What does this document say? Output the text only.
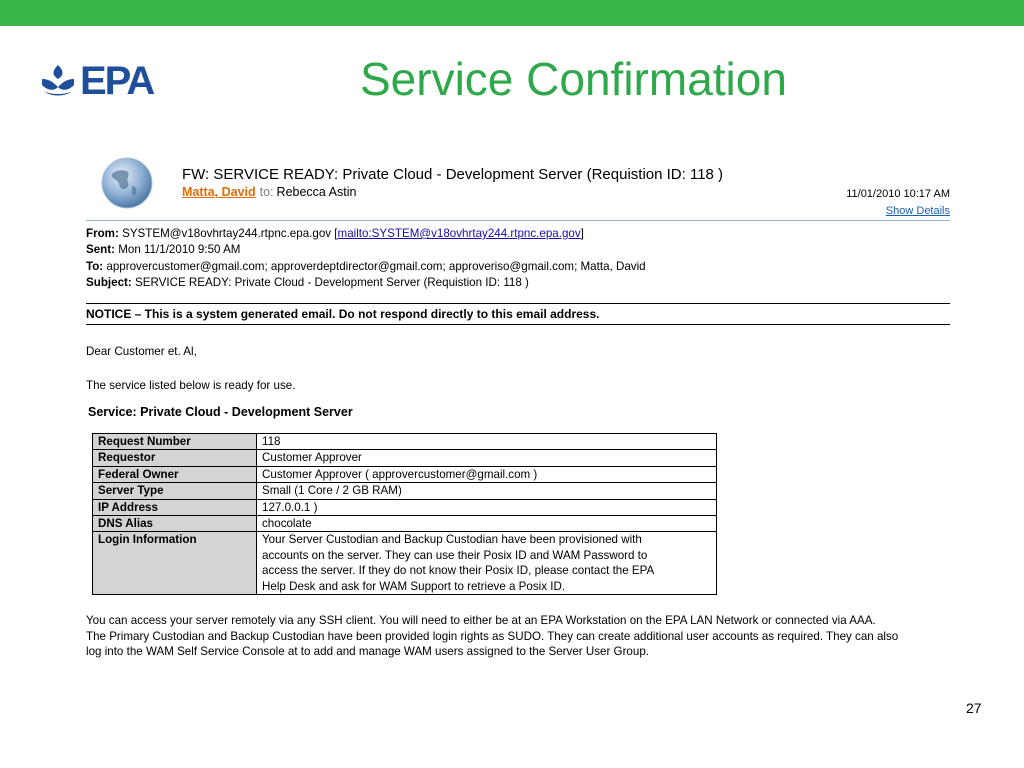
EPA	Service Confirmation
FW: SERVICE READY: Private Cloud - Development Server (Requistion ID: 118 )
Matta, David to: Rebecca Astin	11/01/2010 10:17 AM
Show Details
From: SYSTEM@v18ovhrtay244.rtpnc.epa.gov [mailto:SYSTEM@v18ovhrtay244.rtpnc.epa.gov]
Sent: Mon 11/1/2010 9:50 AM
To: approvercustomer@gmail.com; approverdeptdirector@gmail.com; approveriso@gmail.com; Matta, David
Subject: SERVICE READY: Private Cloud - Development Server (Requistion ID: 118 )
NOTICE – This is a system generated email. Do not respond directly to this email address.
Dear Customer et. Al,
The service listed below is ready for use.
Service: Private Cloud - Development Server
Request Number	118
Requestor	Customer Approver
Federal Owner	Customer Approver ( approvercustomer@gmail.com )
Server Type	Small (1 Core / 2 GB RAM)
IP Address	127.0.0.1 )
DNS Alias	chocolate
Login Information	Your Server Custodian and Backup Custodian have been provisioned with
accounts on the server. They can use their Posix ID and WAM Password to
access the server. If they do not know their Posix ID, please contact the EPA
Help Desk and ask for WAM Support to retrieve a Posix ID.
You can access your server remotely via any SSH client. You will need to either be at an EPA Workstation on the EPA LAN Network or connected via AAA.
The Primary Custodian and Backup Custodian have been provided login rights as SUDO. They can create additional user accounts as required. They can also
log into the WAM Self Service Console at to add and manage WAM users assigned to the Server User Group.
27
